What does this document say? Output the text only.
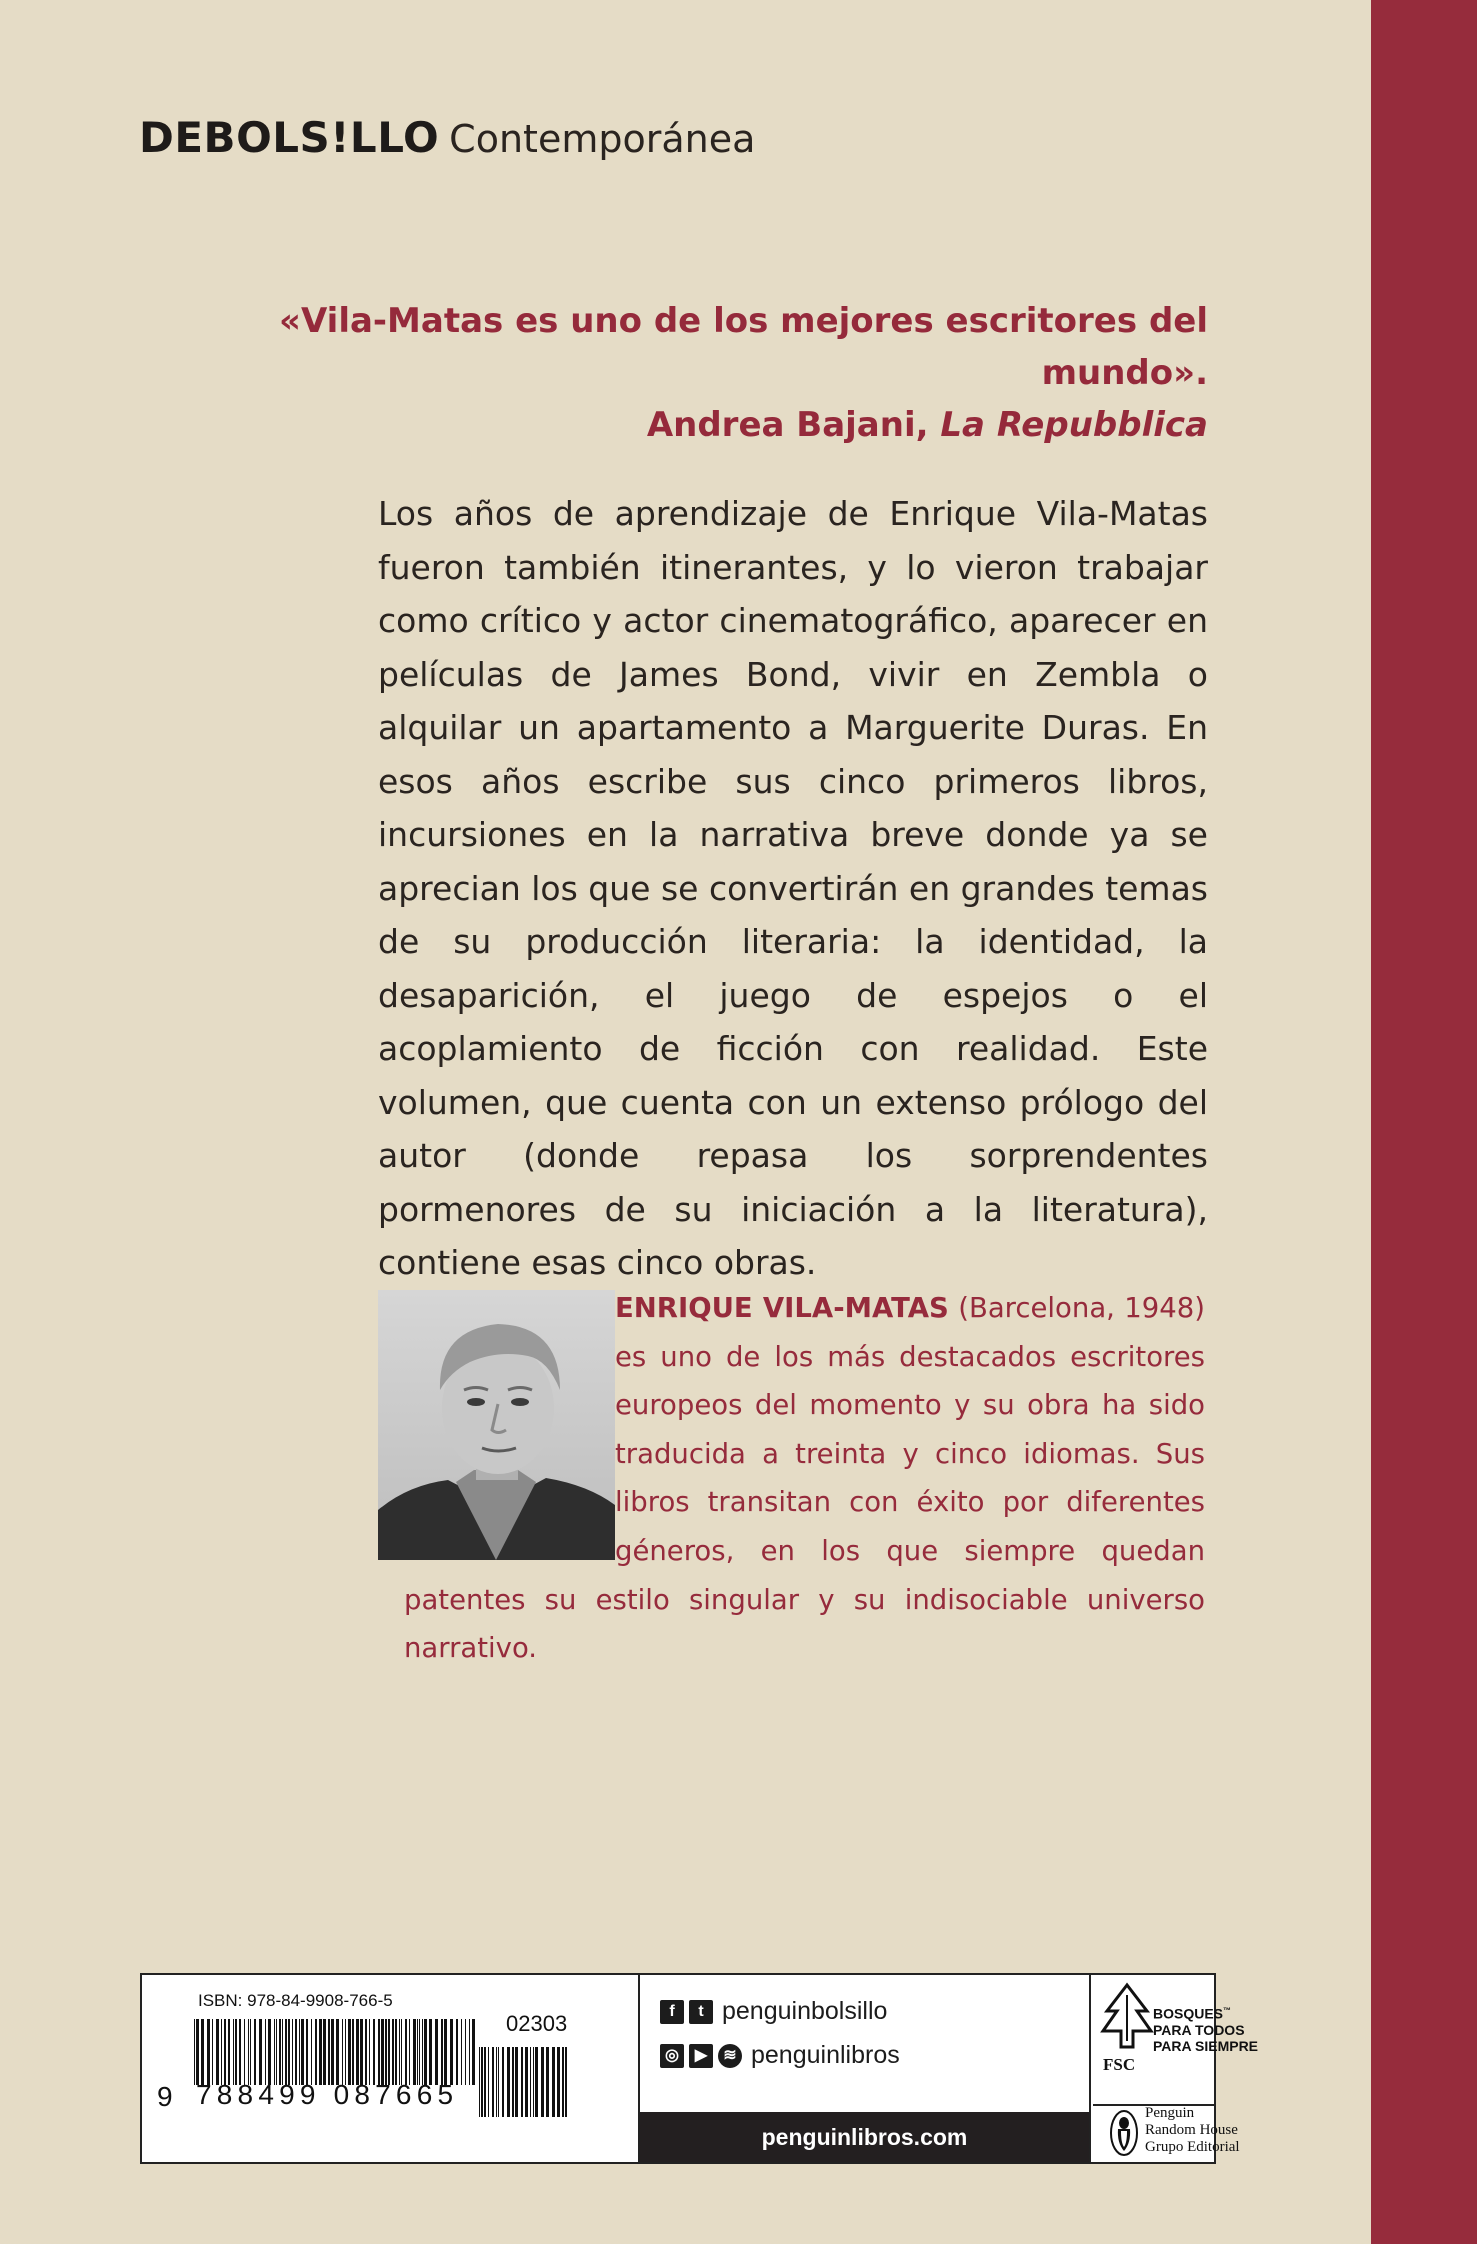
DEBOLS!LLO Contemporánea
«Vila-Matas es uno de los mejores escritores del mundo».
Andrea Bajani, La Repubblica
Los años de aprendizaje de Enrique Vila-Matas fueron también itinerantes, y lo vieron trabajar como crítico y actor cinematográfico, aparecer en películas de James Bond, vivir en Zembla o alquilar un apartamento a Marguerite Duras. En esos años escribe sus cinco primeros libros, incursiones en la narrativa breve donde ya se aprecian los que se convertirán en grandes temas de su producción literaria: la identidad, la desaparición, el juego de espejos o el acoplamiento de ficción con realidad. Este volumen, que cuenta con un extenso prólogo del autor (donde repasa los sorprendentes pormenores de su iniciación a la literatura), contiene esas cinco obras.
ENRIQUE VILA-MATAS (Barcelona, 1948) es uno de los más destacados escritores europeos del momento y su obra ha sido traducida a treinta y cinco idiomas. Sus libros transitan con éxito por diferentes géneros, en los que siempre quedan patentes su estilo singular y su indisociable universo narrativo.
ISBN: 978-84-9908-766-5
02303
9 788499 087665
f	t penguinbolsillo
◎ ▶	≋ penguinlibros
penguinlibros.com
FSC
BOSQUES™
PARA TODOS
PARA SIEMPRE
Penguin
Random House
Grupo Editorial
